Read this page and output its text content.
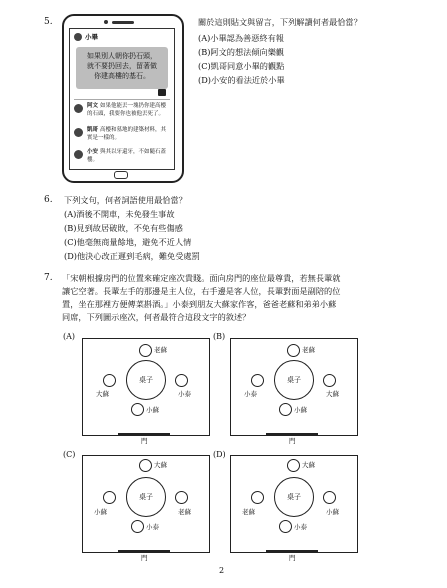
5.
小畢
如果別人朝你扔石頭，
就不要扔回去，留著做
你建高樓的基石。
阿文 如果他能丟一塊扔你建高樓的石頭，我要你也被他丟死了。
凱哥 高樓和墓地的建築材料，其實是一樣的。
小安 與其以牙還牙，不如隨石蓋樓。
關於這則貼文與留言，下列解讀何者最恰當？
(A)小畢認為善惡終有報
(B)阿文的想法傾向樂觀
(C)凱哥同意小畢的觀點
(D)小安的看法近於小畢
6. 下列文句，何者詞語使用最恰當？
(A)酒後不開車，未免發生事故
(B)見到故居破敗，不免有些傷感
(C)他毫無商量餘地，避免不近人情
(D)他決心改正遲到毛病，難免受處罰
7. 「宋朝根據房門的位置來確定座次貴賤。面向房門的座位最尊貴，若無長輩就
讓它空著。長輩左手的那邊是主人位，右手邊是客人位，長輩對面是副陪的位
置，坐在那裡方便傳菜斟酒。」小泰到朋友大蘇家作客，爸爸老蘇和弟弟小蘇
同席，下列圖示座次，何者最符合這段文字的敘述？
(A)
桌子
老蘇
大蘇	小泰
小蘇
門
(B)
桌子
老蘇
小泰	大蘇
小蘇
門
(C)
桌子
大蘇
小蘇	老蘇
小泰
門
(D)
桌子
大蘇
老蘇	小蘇
小泰
門
2
